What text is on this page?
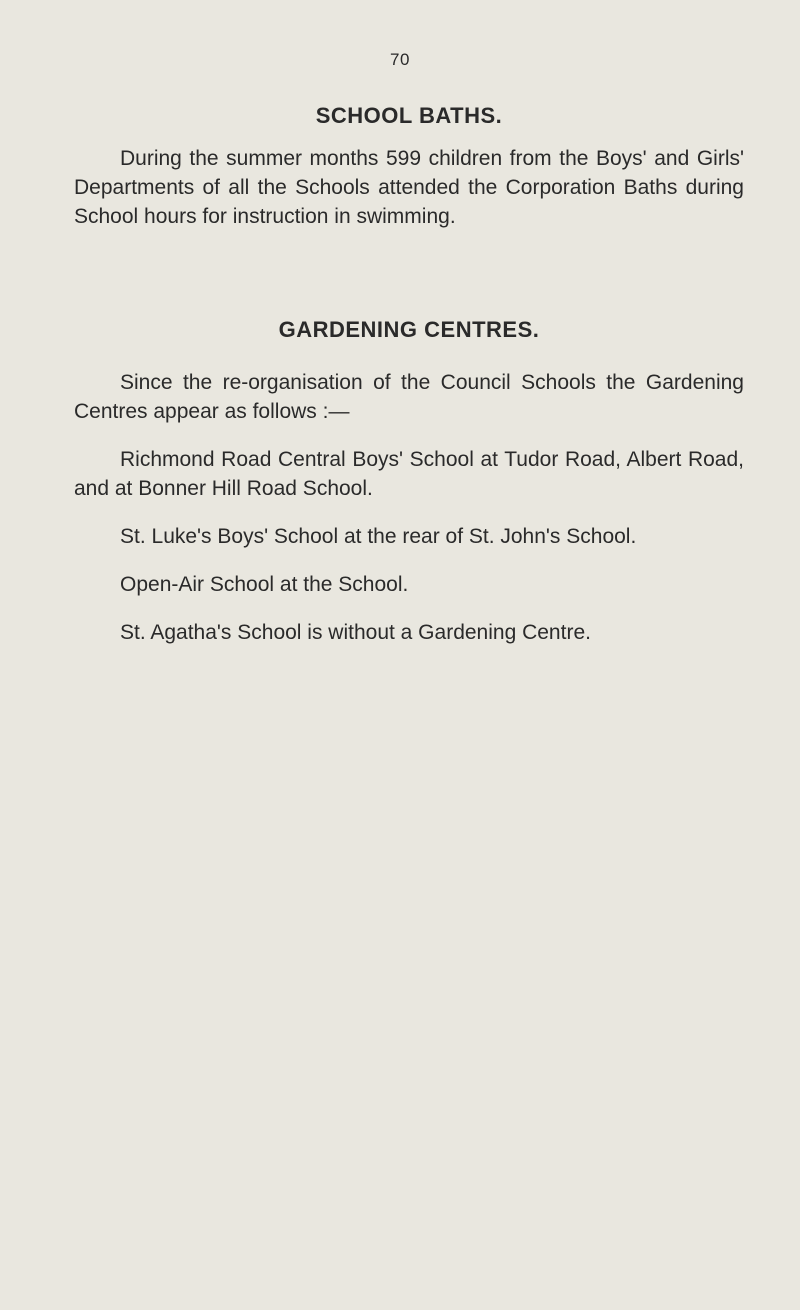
70
SCHOOL BATHS.

During the summer months 599 children from the Boys' and Girls' Departments of all the Schools attended the Corporation Baths during School hours for instruction in swimming.

GARDENING CENTRES.

Since the re-organisation of the Council Schools the Gardening Centres appear as follows :—

Richmond Road Central Boys' School at Tudor Road, Albert Road, and at Bonner Hill Road School.

St. Luke's Boys' School at the rear of St. John's School.

Open-Air School at the School.

St. Agatha's School is without a Gardening Centre.
